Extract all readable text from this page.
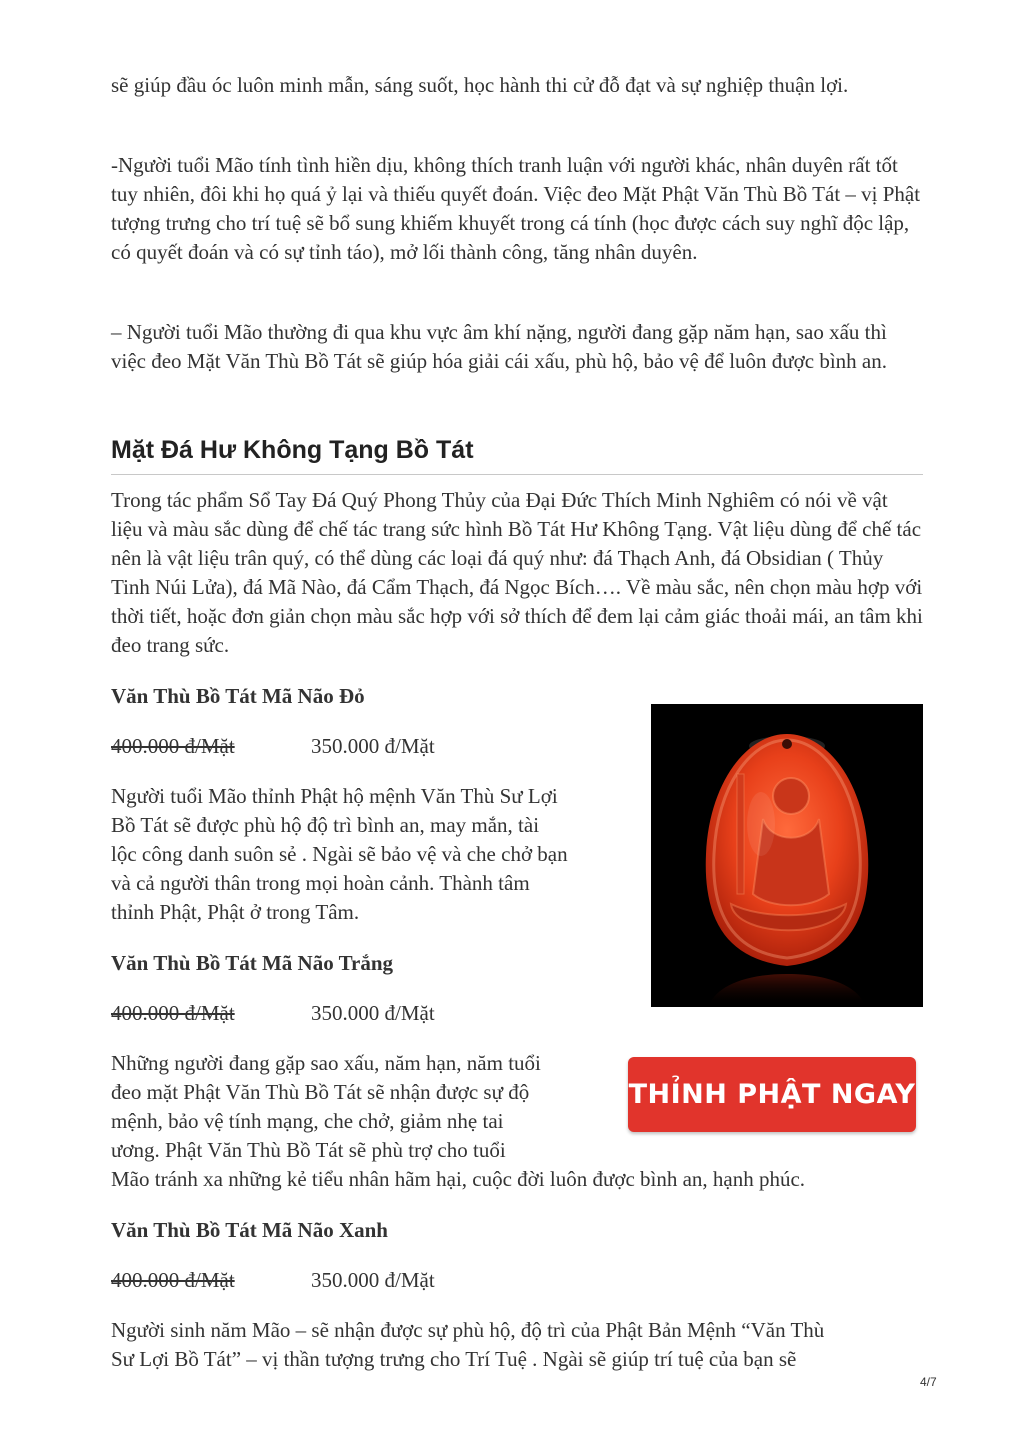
sẽ giúp đầu óc luôn minh mẫn, sáng suốt, học hành thi cử đỗ đạt và sự nghiệp thuận lợi.

-Người tuổi Mão tính tình hiền dịu, không thích tranh luận với người khác, nhân duyên rất tốt tuy nhiên, đôi khi họ quá ỷ lại và thiếu quyết đoán. Việc đeo Mặt Phật Văn Thù Bồ Tát – vị Phật tượng trưng cho trí tuệ sẽ bổ sung khiếm khuyết trong cá tính (học được cách suy nghĩ độc lập, có quyết đoán và có sự tỉnh táo), mở lối thành công, tăng nhân duyên.

– Người tuổi Mão thường đi qua khu vực âm khí nặng, người đang gặp năm hạn, sao xấu thì việc đeo Mặt Văn Thù Bồ Tát sẽ giúp hóa giải cái xấu, phù hộ, bảo vệ để luôn được bình an.

Mặt Đá Hư Không Tạng Bồ Tát

Trong tác phẩm Sổ Tay Đá Quý Phong Thủy của Đại Đức Thích Minh Nghiêm có nói về vật liệu và màu sắc dùng để chế tác trang sức hình Bồ Tát Hư Không Tạng. Vật liệu dùng để chế tác nên là vật liệu trân quý, có thể dùng các loại đá quý như: đá Thạch Anh, đá Obsidian ( Thủy Tinh Núi Lửa), đá Mã Nào, đá Cẩm Thạch, đá Ngọc Bích…. Về màu sắc, nên chọn màu hợp với thời tiết, hoặc đơn giản chọn màu sắc hợp với sở thích để đem lại cảm giác thoải mái, an tâm khi đeo trang sức.

Văn Thù Bồ Tát Mã Não Đỏ
400.000 đ/Mặt	350.000 đ/Mặt
Người tuổi Mão thỉnh Phật hộ mệnh Văn Thù Sư Lợi
Bồ Tát sẽ được phù hộ độ trì bình an, may mắn, tài
lộc công danh suôn sẻ . Ngài sẽ bảo vệ và che chở bạn
và cả người thân trong mọi hoàn cảnh. Thành tâm
thỉnh Phật, Phật ở trong Tâm.
Văn Thù Bồ Tát Mã Não Trắng
400.000 đ/Mặt	350.000 đ/Mặt
Những người đang gặp sao xấu, năm hạn, năm tuổi
đeo mặt Phật Văn Thù Bồ Tát sẽ nhận được sự độ
mệnh, bảo vệ tính mạng, che chở, giảm nhẹ tai
ương. Phật Văn Thù Bồ Tát sẽ phù trợ cho tuổi
Mão tránh xa những kẻ tiểu nhân hãm hại, cuộc đời luôn được bình an, hạnh phúc.
THỈNH PHẬT NGAY
Văn Thù Bồ Tát Mã Não Xanh
400.000 đ/Mặt	350.000 đ/Mặt
Người sinh năm Mão – sẽ nhận được sự phù hộ, độ trì của Phật Bản Mệnh “Văn Thù
Sư Lợi Bồ Tát” – vị thần tượng trưng cho Trí Tuệ . Ngài sẽ giúp trí tuệ của bạn sẽ
4/7
